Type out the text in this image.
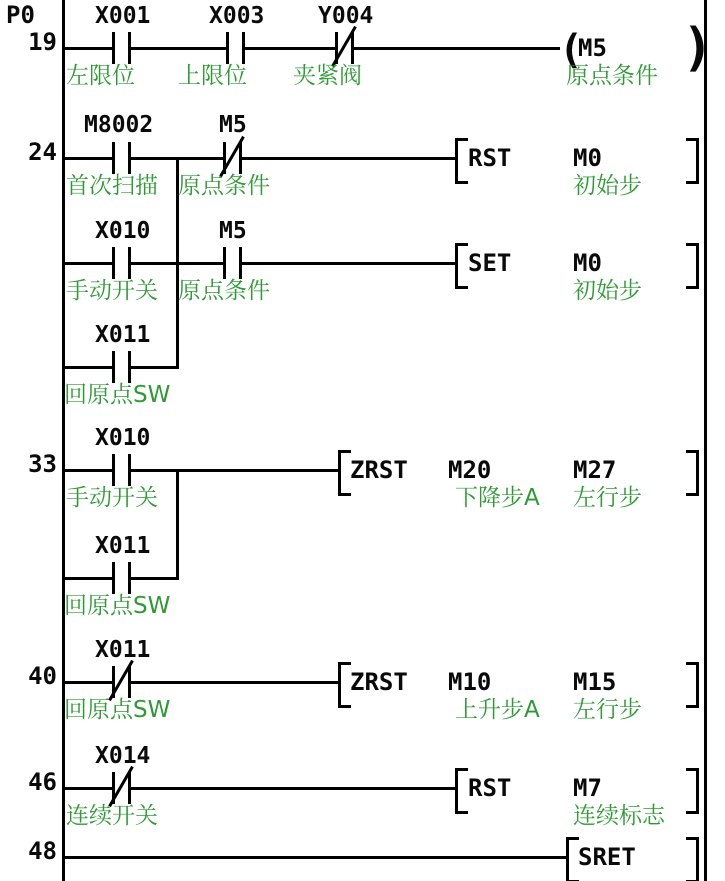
P0
19
24
33
40
46
48
X001	X003 Y004
(
M5 )
左限位 上限位 夹紧阀	原点条件
M8002	M5
RST	M0
首次扫描 原点条件	初始步
X010	M5
SET	M0
手动开关 原点条件	初始步
X011
回原点SW
X010
ZRST M20	M27
手动开关	下降步A 左行步
X011
回原点SW
X011
ZRST M10	M15
回原点SW	上升步A 左行步
X014
RST	M7
连续开关	连续标志
SRET
